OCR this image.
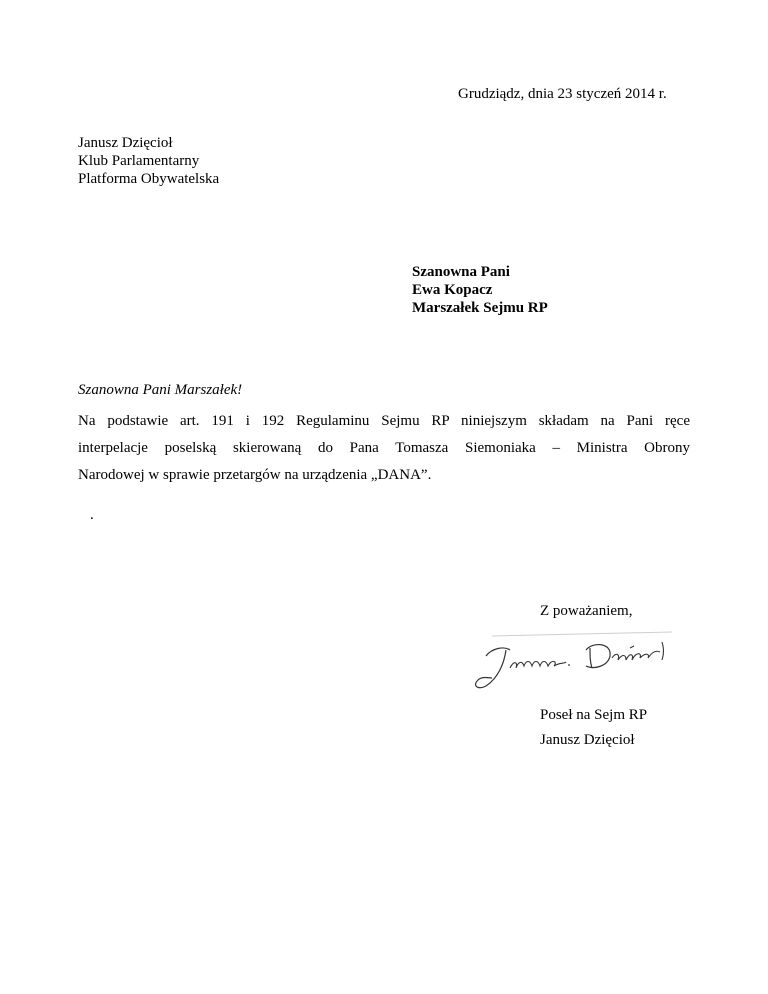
Grudziądz, dnia 23 styczeń 2014 r.
Janusz Dzięcioł
Klub Parlamentarny
Platforma Obywatelska
Szanowna Pani
Ewa Kopacz
Marszałek Sejmu RP
Szanowna Pani Marszałek!
Na podstawie art. 191 i 192 Regulaminu Sejmu RP niniejszym składam na Pani ręce
interpelacje poselską skierowaną do Pana Tomasza Siemoniaka – Ministra Obrony
Narodowej w sprawie przetargów na urządzenia „DANA”.
.
Z poważaniem,
Poseł na Sejm RP
Janusz Dzięcioł
